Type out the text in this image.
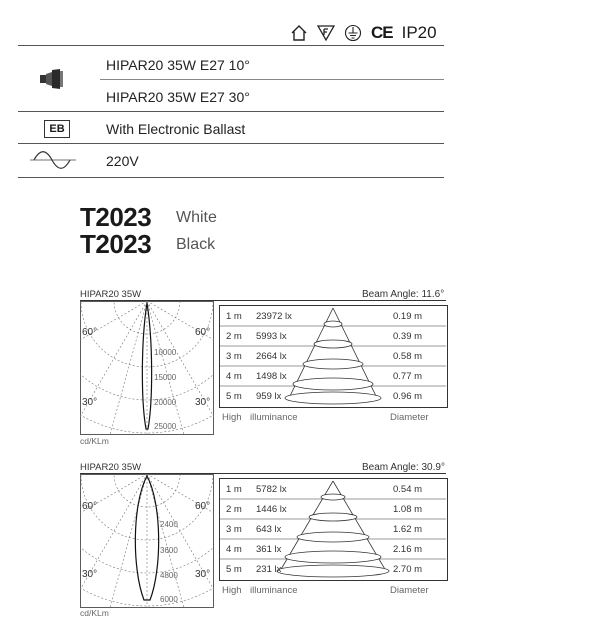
CE IP20
HIPAR20 35W E27 10°
HIPAR20 35W E27 30°
EB	With Electronic Ballast
220V
T2023 White
T2023 Black
HIPAR20 35W	Beam Angle: 11.6°
60°	60°
30°	30°
10000
15000
20000
25000
cd/KLm
1 m 23972 lx	0.19 m
2 m 5993 lx	0.39 m
3 m 2664 lx	0.58 m
4 m 1498 lx	0.77 m
5 m 959 lx	0.96 m
High illuminance	Diameter
HIPAR20 35W	Beam Angle: 30.9°
60°	60°
30°	30°
2400
3600
4800
6000
cd/KLm
1 m 5782 lx	0.54 m
2 m 1446 lx	1.08 m
3 m 643 lx	1.62 m
4 m 361 lx	2.16 m
5 m 231 lx	2.70 m
High illuminance	Diameter
